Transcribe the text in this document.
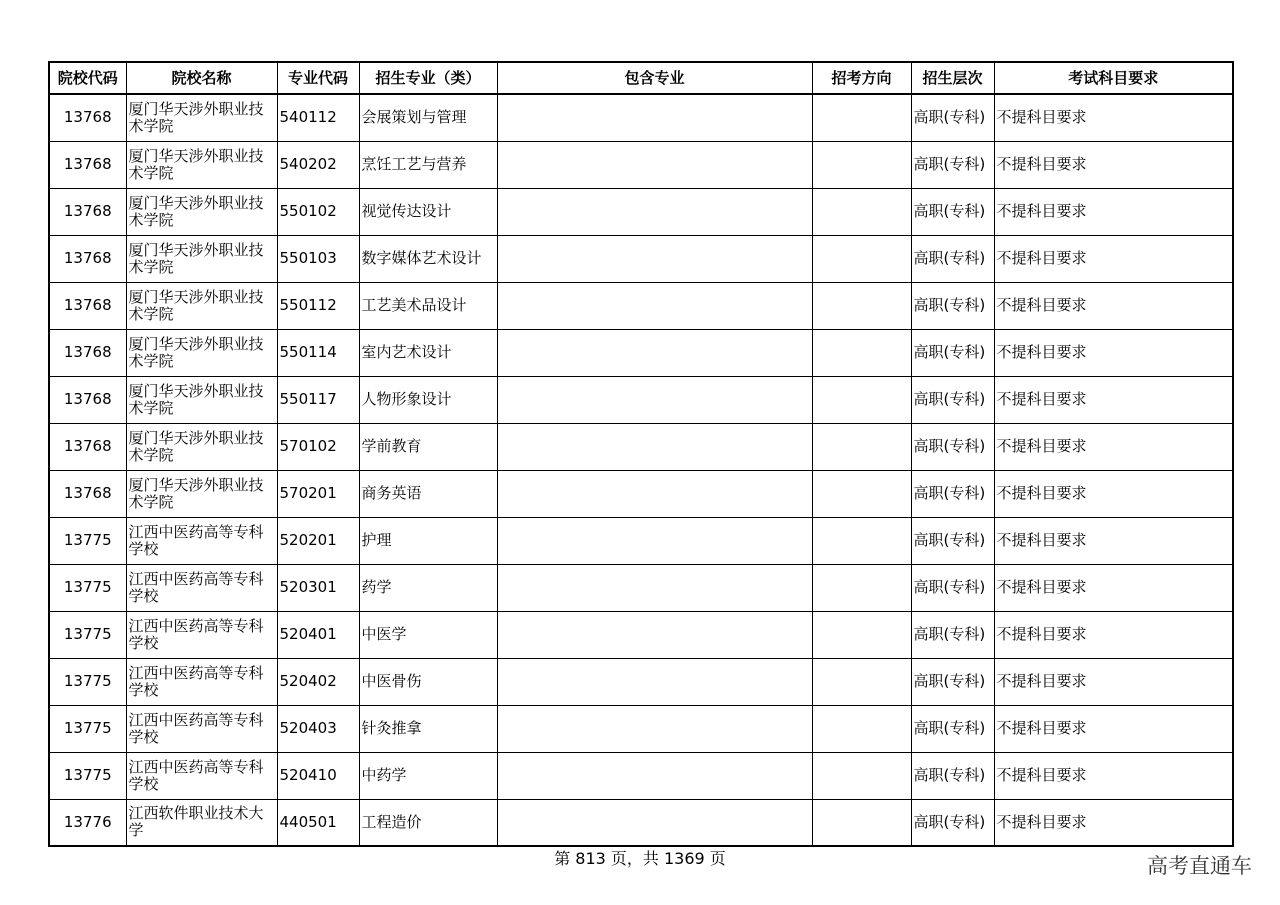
院校代码	院校名称	专业代码	招生专业（类）	包含专业	招考方向	招生层次	考试科目要求
13768	厦门华天涉外职业技术学院	540112	会展策划与管理			高职(专科)	不提科目要求
13768	厦门华天涉外职业技术学院	540202	烹饪工艺与营养			高职(专科)	不提科目要求
13768	厦门华天涉外职业技术学院	550102	视觉传达设计			高职(专科)	不提科目要求
13768	厦门华天涉外职业技术学院	550103	数字媒体艺术设计			高职(专科)	不提科目要求
13768	厦门华天涉外职业技术学院	550112	工艺美术品设计			高职(专科)	不提科目要求
13768	厦门华天涉外职业技术学院	550114	室内艺术设计			高职(专科)	不提科目要求
13768	厦门华天涉外职业技术学院	550117	人物形象设计			高职(专科)	不提科目要求
13768	厦门华天涉外职业技术学院	570102	学前教育			高职(专科)	不提科目要求
13768	厦门华天涉外职业技术学院	570201	商务英语			高职(专科)	不提科目要求
13775	江西中医药高等专科学校	520201	护理			高职(专科)	不提科目要求
13775	江西中医药高等专科学校	520301	药学			高职(专科)	不提科目要求
13775	江西中医药高等专科学校	520401	中医学			高职(专科)	不提科目要求
13775	江西中医药高等专科学校	520402	中医骨伤			高职(专科)	不提科目要求
13775	江西中医药高等专科学校	520403	针灸推拿			高职(专科)	不提科目要求
13775	江西中医药高等专科学校	520410	中药学			高职(专科)	不提科目要求
13776	江西软件职业技术大学	440501	工程造价			高职(专科)	不提科目要求
第 813 页，共 1369 页	高考直通车
